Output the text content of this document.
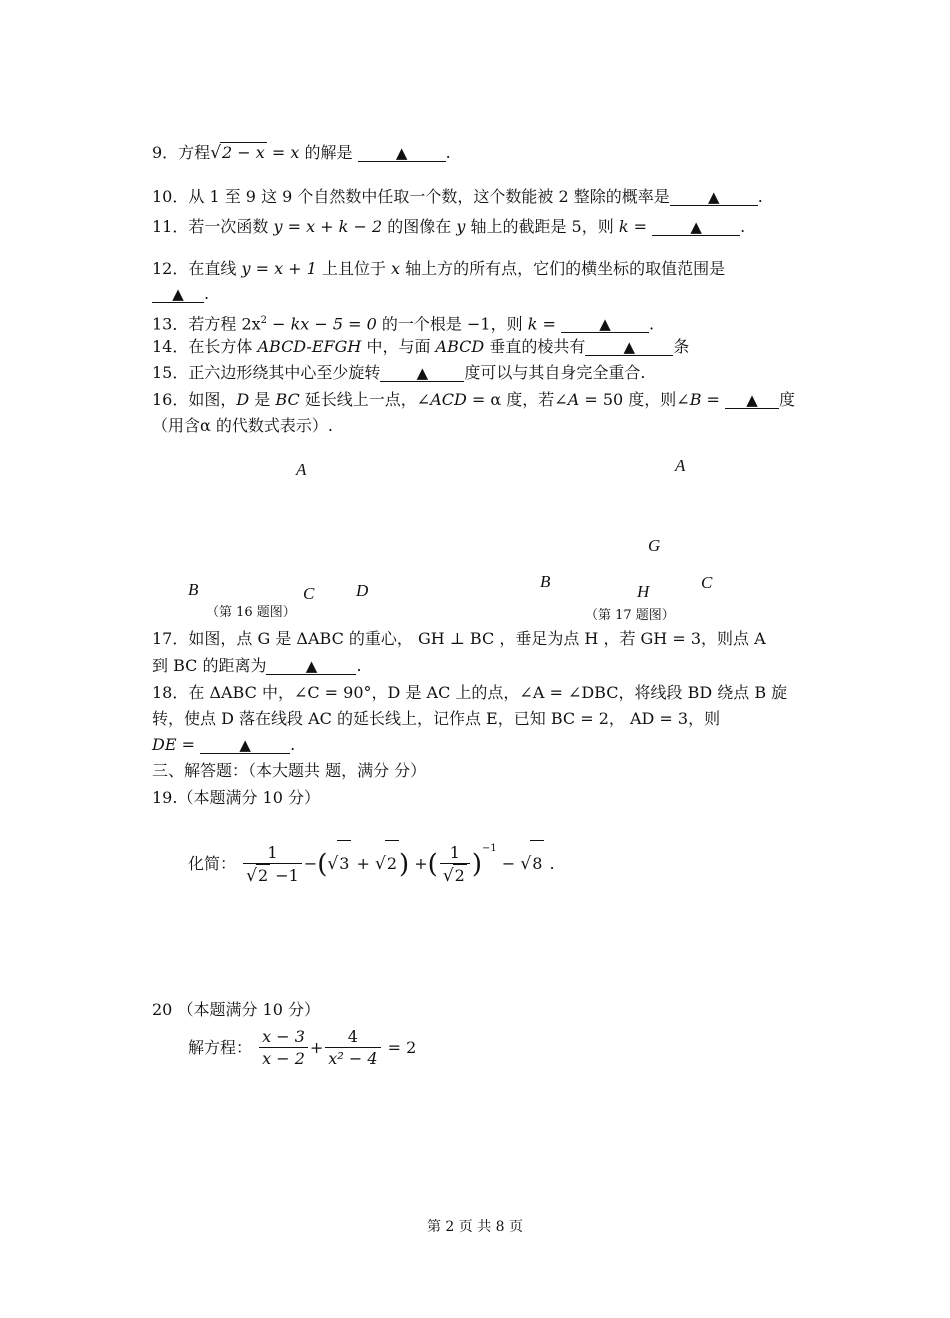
9．方程√2 − x = x 的解是	▲ .
10．从 1 至 9 这 9 个自然数中任取一个数，这个数能被 2 整除的概率是	▲ .
11．若一次函数 y = x + k − 2 的图像在 y 轴上的截距是 5，则 k =	▲ .
12．在直线 y = x + 1 上且位于 x 轴上方的所有点，它们的横坐标的取值范围是
▲ .
13．若方程 $2x^2$ − kx − 5 = 0 的一个根是 −1，则 k =	▲ .
14．在长方体 ABCD-EFGH 中，与面 ABCD 垂直的棱共有	▲ 条
15．正六边形绕其中心至少旋转 ▲ 度可以与其自身完全重合.
16．如图，D 是 BC 延长线上一点，∠ACD = α 度，若∠A = 50 度，则∠B = ▲ 度
（用含α 的代数式表示）.
A
B	C D
（第 16 题图）
A
G
B
H	C
（第 17 题图）
17．如图，点 G 是 ΔABC 的重心， GH ⊥ BC ，垂足为点 H ，若 GH = 3，则点 A
到 BC 的距离为	▲ .
18．在 ΔABC 中，∠C = 90°，D 是 AC 上的点，∠A = ∠DBC，将线段 BD 绕点 B 旋
转，使点 D 落在线段 AC 的延长线上，记作点 E，已知 BC = 2， AD = 3，则
DE =	▲ .
三、解答题：（本大题共 题，满分 分）
19.（本题满分 10 分）
化简： $\frac{1}{√2 -1} -(√3 + √2)$ +( $\frac{1}{√2} )^{-1} - √8$ .
20 （本题满分 10 分）
解方程： $\frac{x - 3}{x - 2} + \frac{4}{\text{x² − 4}} = 2$
第 2 页 共 8 页
